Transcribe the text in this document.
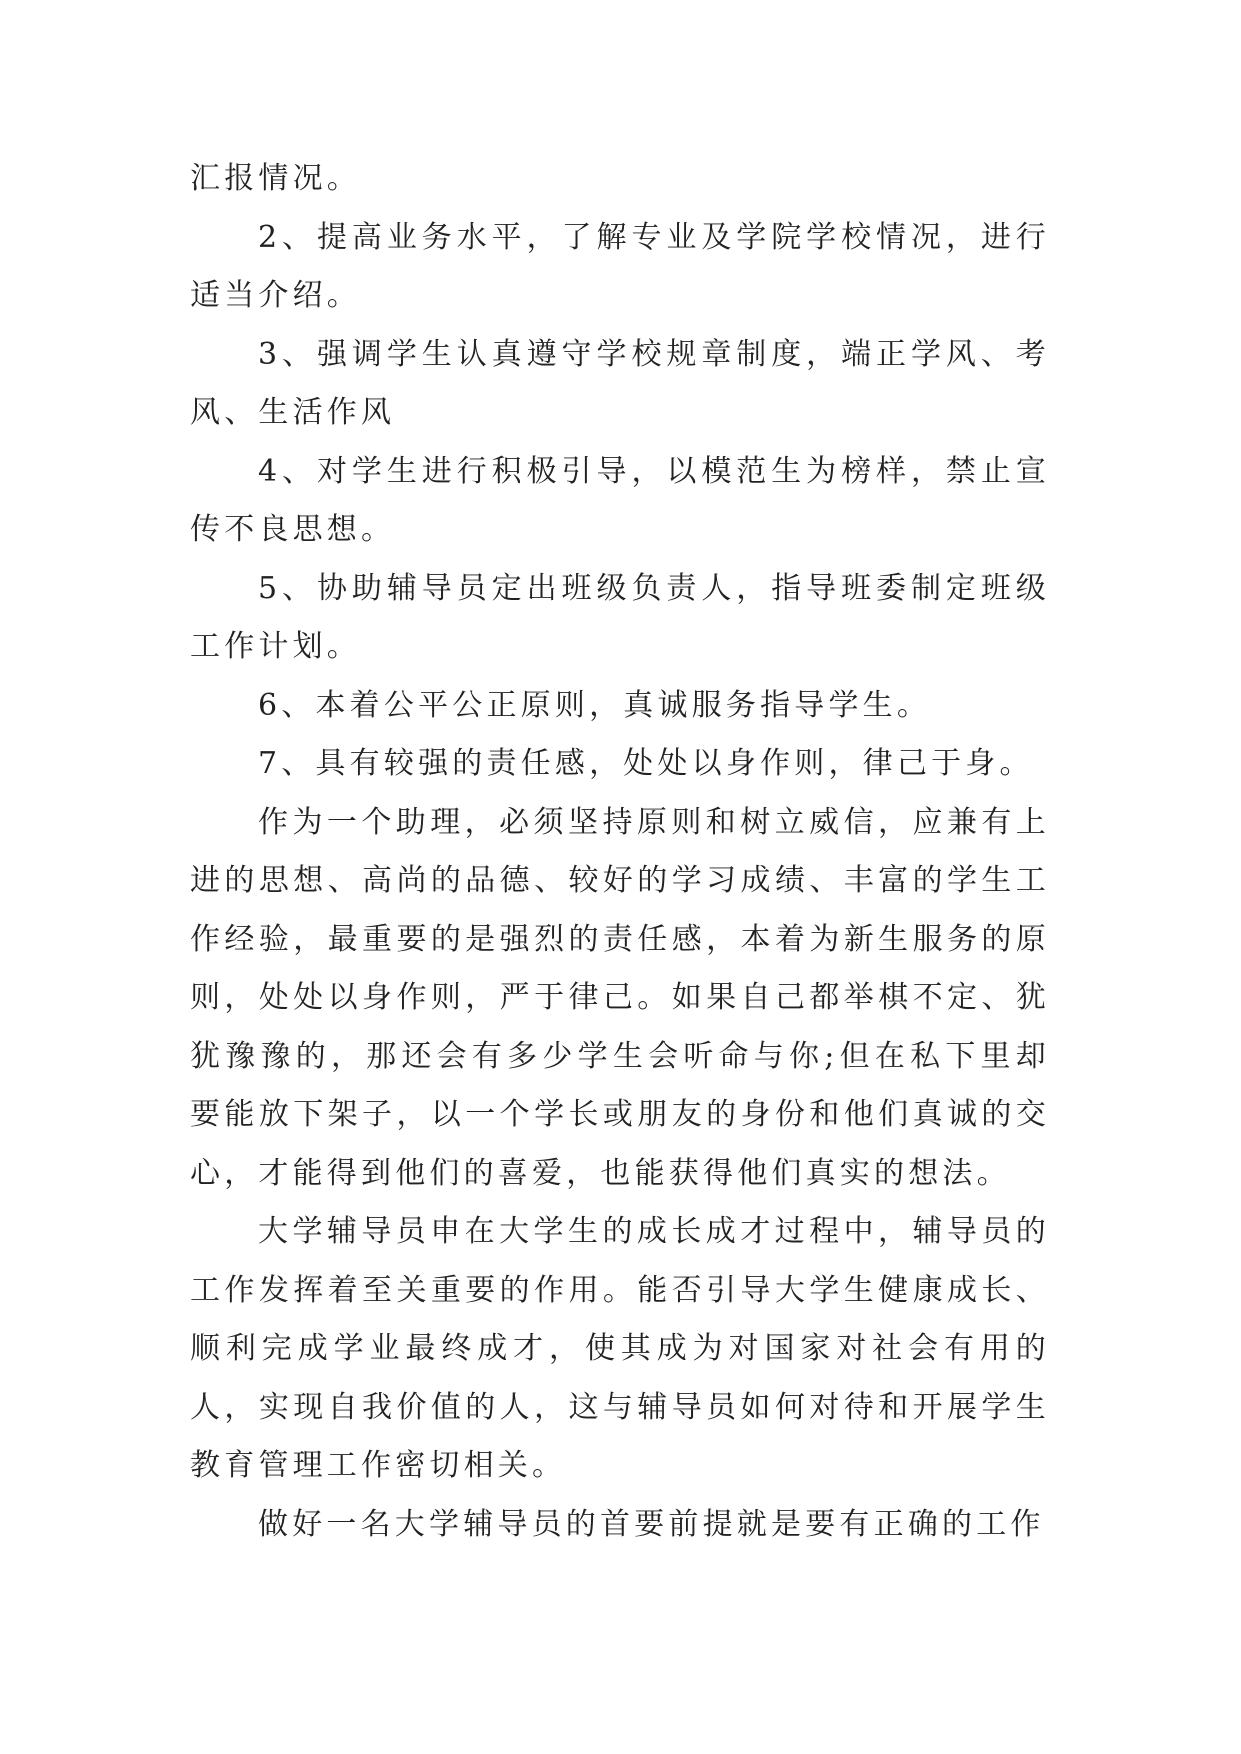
汇报情况。

2、提高业务水平，了解专业及学院学校情况，进行适当介绍。

3、强调学生认真遵守学校规章制度，端正学风、考风、生活作风

4、对学生进行积极引导，以模范生为榜样，禁止宣传不良思想。

5、协助辅导员定出班级负责人，指导班委制定班级工作计划。

6、本着公平公正原则，真诚服务指导学生。

7、具有较强的责任感，处处以身作则，律己于身。

作为一个助理，必须坚持原则和树立威信，应兼有上进的思想、高尚的品德、较好的学习成绩、丰富的学生工作经验，最重要的是强烈的责任感，本着为新生服务的原则，处处以身作则，严于律己。如果自己都举棋不定、犹犹豫豫的，那还会有多少学生会听命与你;但在私下里却要能放下架子，以一个学长或朋友的身份和他们真诚的交心，才能得到他们的喜爱，也能获得他们真实的想法。

大学辅导员申在大学生的成长成才过程中，辅导员的工作发挥着至关重要的作用。能否引导大学生健康成长、顺利完成学业最终成才，使其成为对国家对社会有用的人，实现自我价值的人，这与辅导员如何对待和开展学生教育管理工作密切相关。

做好一名大学辅导员的首要前提就是要有正确的工作
